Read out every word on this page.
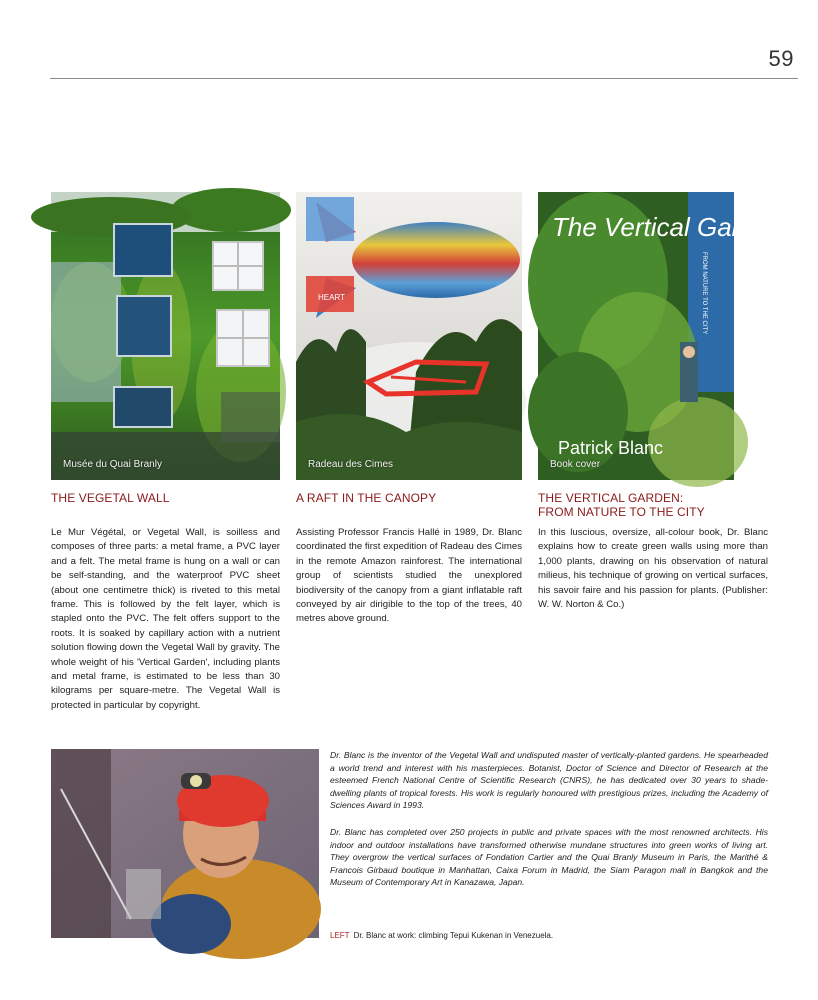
59
Musée du Quai Branly
HEART
Radeau des Cimes
The Vertical Garden
FROM NATURE TO THE CITY
Patrick Blanc
Book cover
THE VEGETAL WALL	A RAFT IN THE CANOPY	THE VERTICAL GARDEN:
FROM NATURE TO THE CITY

Le Mur Végétal, or Vegetal Wall, is soilless and composes of three parts: a metal frame, a PVC layer and a felt. The metal frame is hung on a wall or can be self-standing, and the waterproof PVC sheet (about one centimetre thick) is riveted to this metal frame. This is followed by the felt layer, which is stapled onto the PVC. The felt offers support to the roots. It is soaked by capillary action with a nutrient solution flowing down the Vegetal Wall by gravity. The whole weight of his 'Vertical Garden', including plants and metal frame, is estimated to be less than 30 kilograms per square-metre. The Vegetal Wall is protected in particular by copyright.

Assisting Professor Francis Hallé in 1989, Dr. Blanc coordinated the first expedition of Radeau des Cimes in the remote Amazon rainforest. The international group of scientists studied the unexplored biodiversity of the canopy from a giant inflatable raft conveyed by air dirigible to the top of the trees, 40 metres above ground.

In this luscious, oversize, all-colour book, Dr. Blanc explains how to create green walls using more than 1,000 plants, drawing on his observation of natural milieus, his technique of growing on vertical surfaces, his savoir faire and his passion for plants. (Publisher: W. W. Norton & Co.)

Dr. Blanc is the inventor of the Vegetal Wall and undisputed master of vertically-planted gardens. He spearheaded a world trend and interest with his masterpieces. Botanist, Doctor of Science and Director of Research at the esteemed French National Centre of Scientific Research (CNRS), he has dedicated over 30 years to shade-dwelling plants of tropical forests. His work is regularly honoured with prestigious prizes, including the Academy of Sciences Award in 1993.

Dr. Blanc has completed over 250 projects in public and private spaces with the most renowned architects. His indoor and outdoor installations have transformed otherwise mundane structures into green works of living art. They overgrow the vertical surfaces of Fondation Cartier and the Quai Branly Museum in Paris, the Marithé & Francois Girbaud boutique in Manhattan, Caixa Forum in Madrid, the Siam Paragon mall in Bangkok and the Museum of Contemporary Art in Kanazawa, Japan.

LEFT Dr. Blanc at work: climbing Tepui Kukenan in Venezuela.
